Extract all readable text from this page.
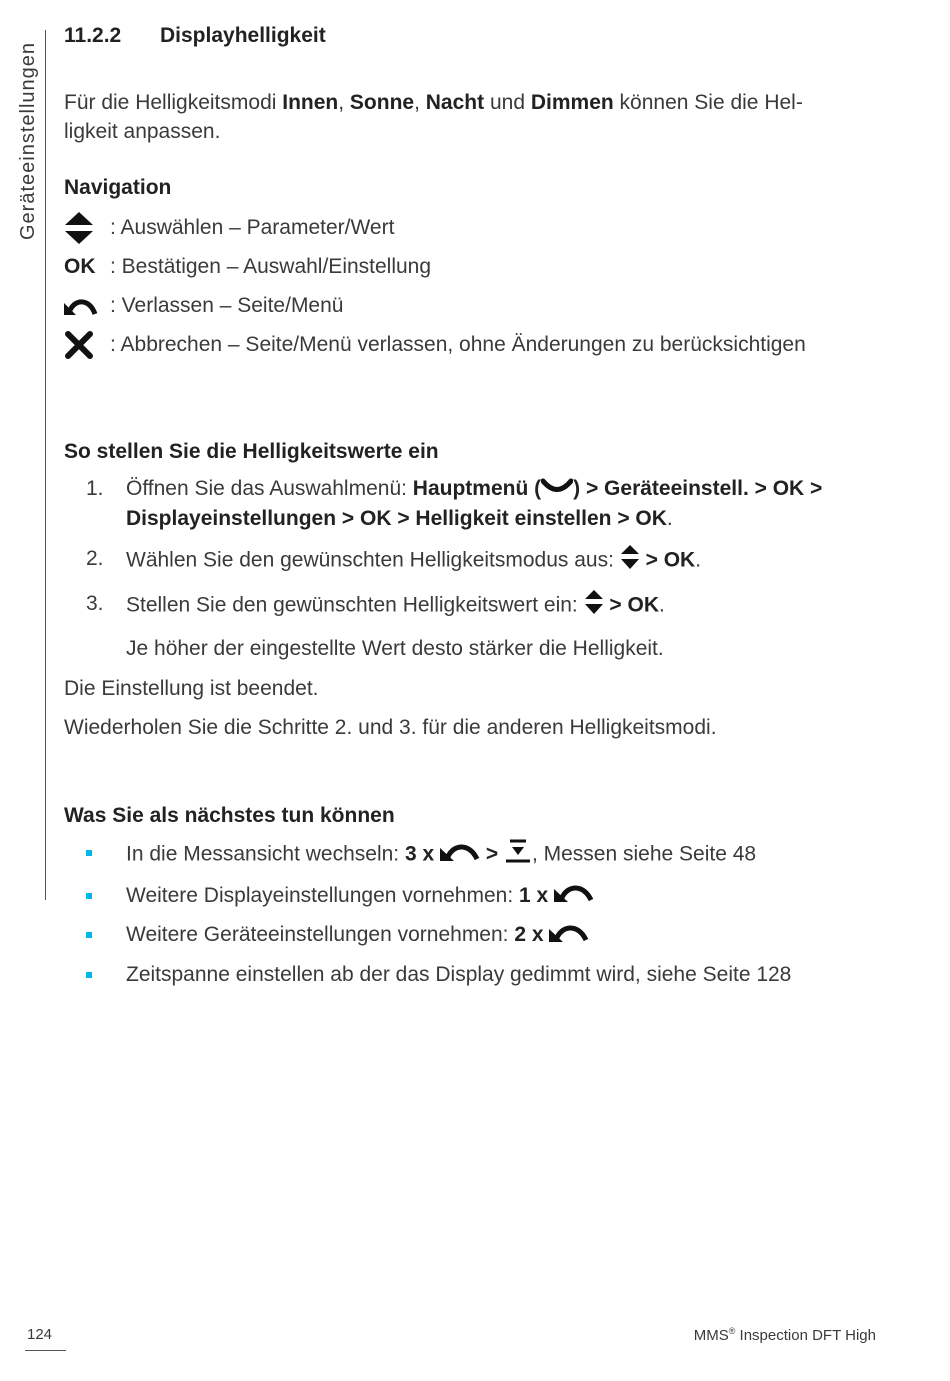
Geräteeinstellungen
11.2.2 Displayhelligkeit

Für die Helligkeitsmodi Innen, Sonne, Nacht und Dimmen können Sie die Hel-
ligkeit anpassen.

Navigation
: Auswählen – Parameter/Wert
OK : Bestätigen – Auswahl/Einstellung
: Verlassen – Seite/Menü
: Abbrechen – Seite/Menü verlassen, ohne Änderungen zu berücksichtigen
So stellen Sie die Helligkeitswerte ein
1. Öffnen Sie das Auswahlmenü: Hauptmenü ( ) > Geräteeinstell. > OK > Displayeinstellungen > OK > Helligkeit einstellen > OK.
2. Wählen Sie den gewünschten Helligkeitsmodus aus:  > OK.
3. Stellen Sie den gewünschten Helligkeitswert ein:  > OK.
Je höher der eingestellte Wert desto stärker die Helligkeit.
Die Einstellung ist beendet.
Wiederholen Sie die Schritte 2. und 3. für die anderen Helligkeitsmodi.
Was Sie als nächstes tun können
In die Messansicht wechseln: 3 x  > , Messen siehe Seite 48
Weitere Displayeinstellungen vornehmen: 1 x
Weitere Geräteeinstellungen vornehmen: 2 x
Zeitspanne einstellen ab der das Display gedimmt wird, siehe Seite 128
124	MMS® Inspection DFT High
